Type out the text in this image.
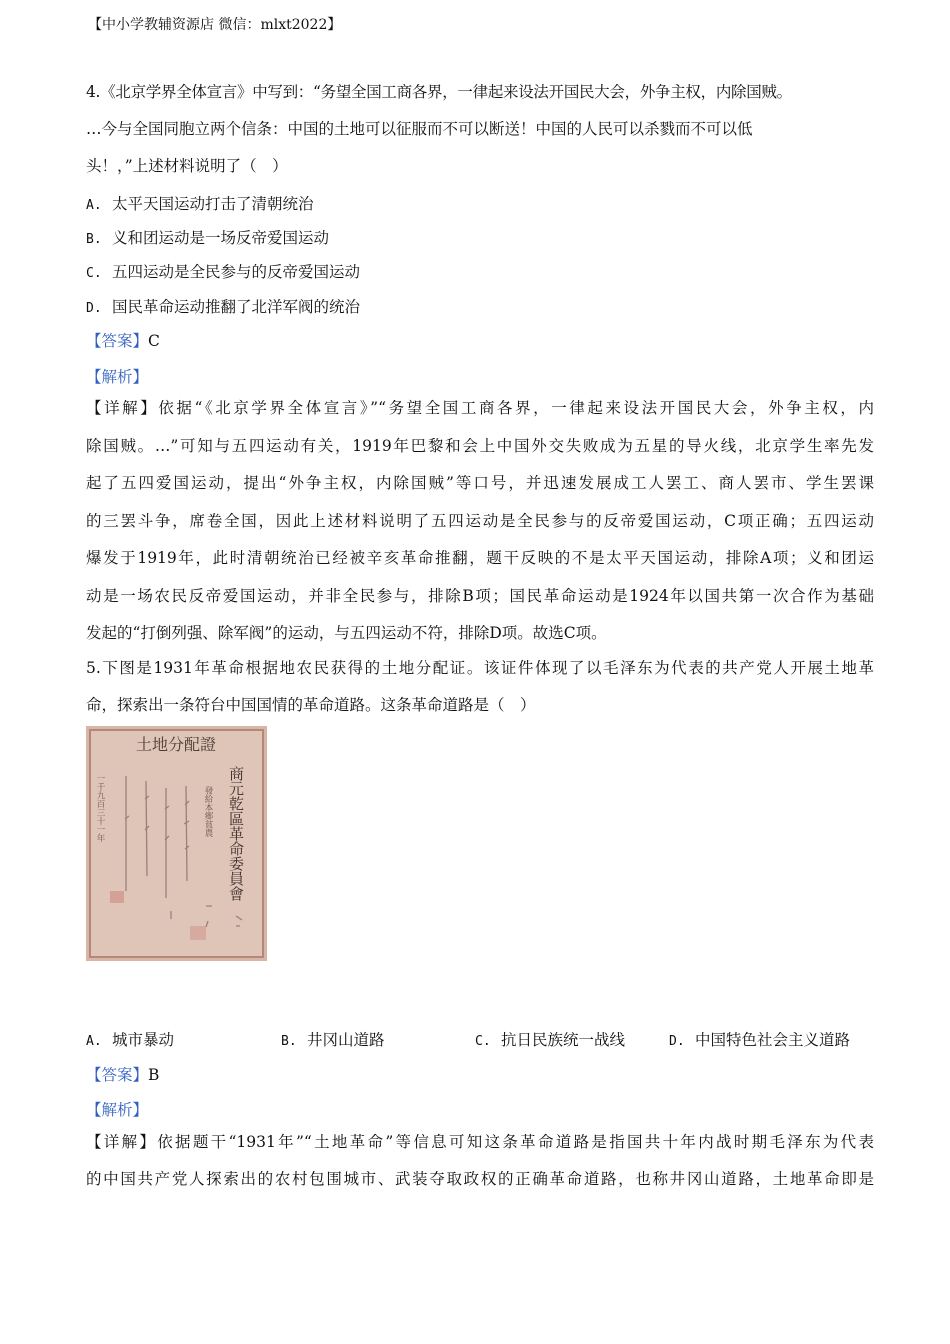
【中小学教辅资源店 微信：mlxt2022】
4.《北京学界全体宣言》中写到：“务望全国工商各界，一律起来设法开国民大会，外争主权，内除国贼。
…今与全国同胞立两个信条：中国的土地可以征服而不可以断送！中国的人民可以杀戮而不可以低
头！，”上述材料说明了（　）
A. 太平天国运动打击了清朝统治
B. 义和团运动是一场反帝爱国运动
C. 五四运动是全民参与的反帝爱国运动
D. 国民革命运动推翻了北洋军阀的统治
【答案】C
【解析】
【详解】依据“《北京学界全体宣言》”“务望全国工商各界，一律起来设法开国民大会，外争主权，内
除国贼。…”可知与五四运动有关，1919年巴黎和会上中国外交失败成为五星的导火线，北京学生率先发
起了五四爱国运动，提出“外争主权，内除国贼”等口号，并迅速发展成工人罢工、商人罢市、学生罢课
的三罢斗争，席卷全国，因此上述材料说明了五四运动是全民参与的反帝爱国运动，C项正确；五四运动
爆发于1919年，此时清朝统治已经被辛亥革命推翻，题干反映的不是太平天国运动，排除A项；义和团运
动是一场农民反帝爱国运动，并非全民参与，排除B项；国民革命运动是1924年以国共第一次合作为基础
发起的“打倒列强、除军阀”的运动，与五四运动不符，排除D项。故选C项。
5.下图是1931年革命根据地农民获得的土地分配证。该证件体现了以毛泽东为代表的共产党人开展土地革
命，探索出一条符台中国国情的革命道路。这条革命道路是（　）
土地分配證
商元乾區革命委員會
發給本鄉貧農
一千九百三十一年
A. 城市暴动	B. 井冈山道路	C. 抗日民族统一战线	D. 中国特色社会主义道路
【答案】B
【解析】
【详解】依据题干“1931年”“土地革命”等信息可知这条革命道路是指国共十年内战时期毛泽东为代表
的中国共产党人探索出的农村包围城市、武装夺取政权的正确革命道路，也称井冈山道路，土地革命即是
